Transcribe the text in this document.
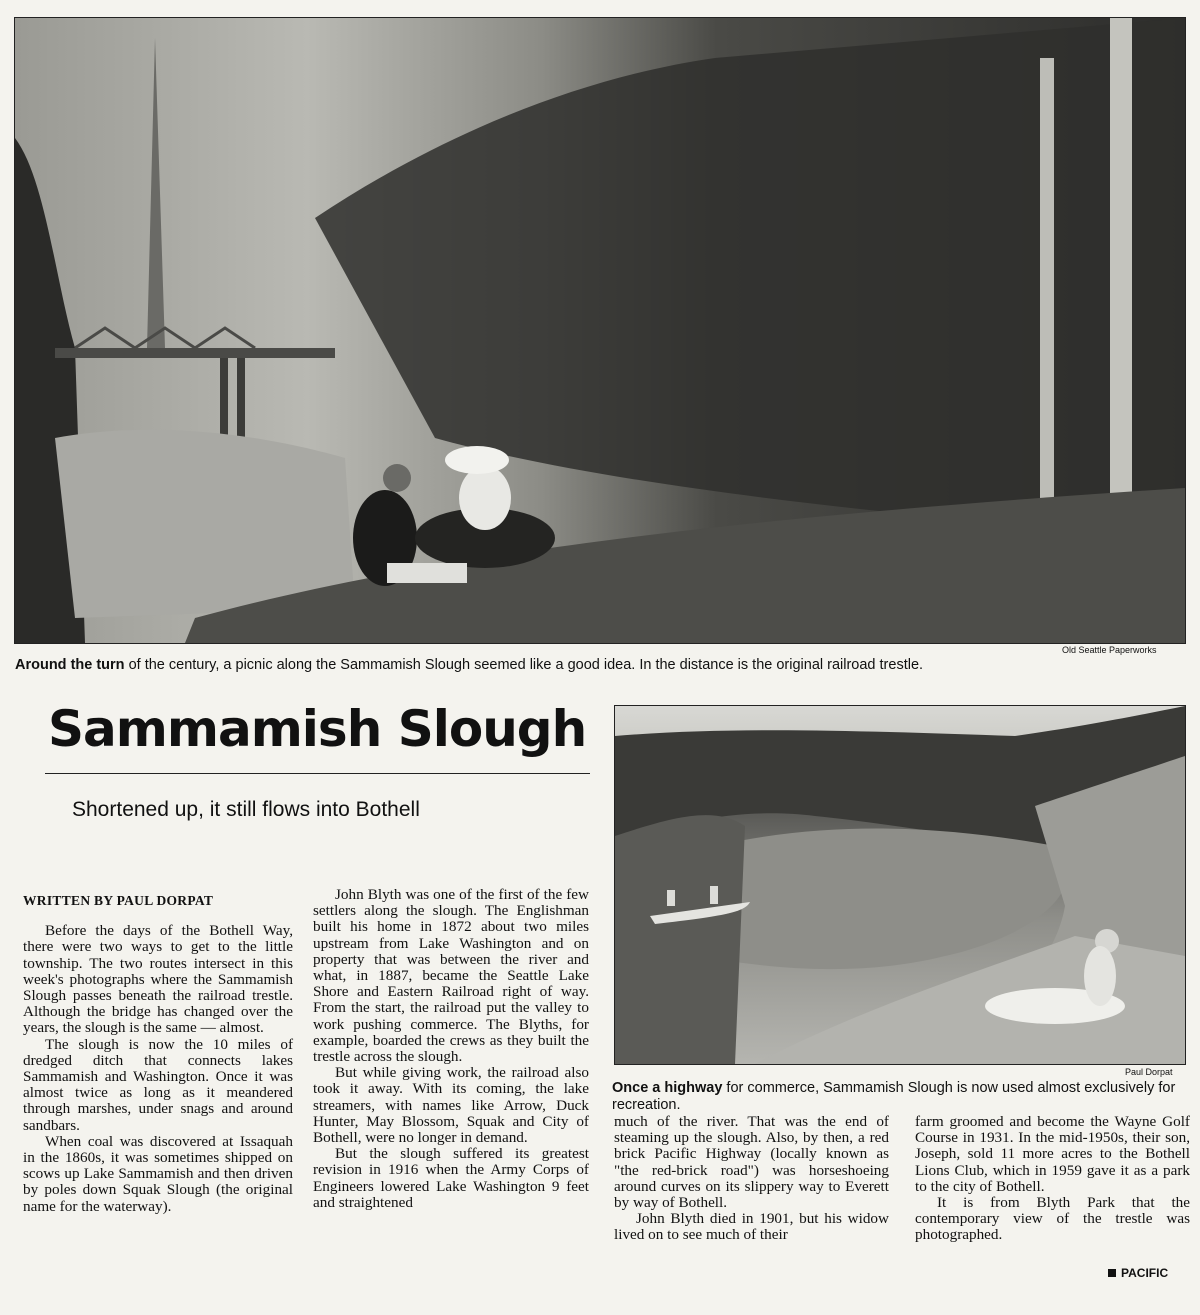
Old Seattle Paperworks
Around the turn of the century, a picnic along the Sammamish Slough seemed like a good idea. In the distance is the original railroad trestle.
Sammamish Slough
Shortened up, it still flows into Bothell
Paul Dorpat
Once a highway for commerce, Sammamish Slough is now used almost exclusively for recreation.
WRITTEN BY PAUL DORPAT

Before the days of the Bothell Way, there were two ways to get to the little township. The two routes intersect in this week's photographs where the Sammamish Slough passes beneath the railroad trestle. Although the bridge has changed over the years, the slough is the same — almost.

The slough is now the 10 miles of dredged ditch that connects lakes Sammamish and Washington. Once it was almost twice as long as it meandered through marshes, under snags and around sandbars.

When coal was discovered at Issaquah in the 1860s, it was sometimes shipped on scows up Lake Sammamish and then driven by poles down Squak Slough (the original name for the waterway).

John Blyth was one of the first of the few settlers along the slough. The Englishman built his home in 1872 about two miles upstream from Lake Washington and on property that was between the river and what, in 1887, became the Seattle Lake Shore and Eastern Railroad right of way. From the start, the railroad put the valley to work pushing commerce. The Blyths, for example, boarded the crews as they built the trestle across the slough.

But while giving work, the railroad also took it away. With its coming, the lake streamers, with names like Arrow, Duck Hunter, May Blossom, Squak and City of Bothell, were no longer in demand.

But the slough suffered its greatest revision in 1916 when the Army Corps of Engineers lowered Lake Washington 9 feet and straightened

much of the river. That was the end of steaming up the slough. Also, by then, a red brick Pacific Highway (locally known as "the red-brick road") was horseshoeing around curves on its slippery way to Everett by way of Bothell.

John Blyth died in 1901, but his widow lived on to see much of their

farm groomed and become the Wayne Golf Course in 1931. In the mid-1950s, their son, Joseph, sold 11 more acres to the Bothell Lions Club, which in 1959 gave it as a park to the city of Bothell.

It is from Blyth Park that the contemporary view of the trestle was photographed.

PACIFIC
